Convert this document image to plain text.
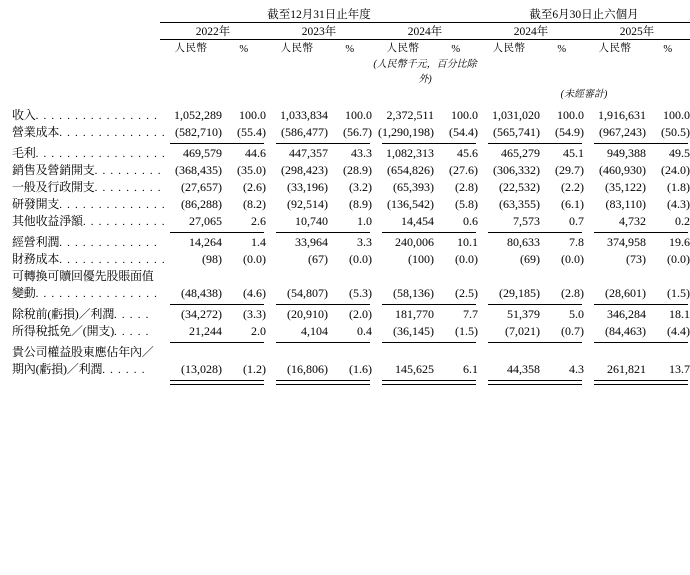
	截至12月31日止年度						截至6月30日止六個月			
	2022年		2023年		2024年		2024年		2025年	
	人民幣	%	人民幣	%	人民幣	%	人民幣	%	人民幣	%
					(人民幣千元，百分比除外)					
							(未經審計)			

收入. . . . . . . . . . . . . . . .	1,052,289	100.0	1,033,834	100.0	2,372,511	100.0	1,031,020	100.0	1,916,631	100.0
營業成本. . . . . . . . . . . . . .	(582,710)	(55.4)	(586,477)	(56.7)	(1,290,198)	(54.4)	(565,741)	(54.9)	(967,243)	(50.5)

毛利. . . . . . . . . . . . . . . . .	469,579	44.6	447,357	43.3	1,082,313	45.6	465,279	45.1	949,388	49.5
銷售及營銷開支. . . . . . . . .	(368,435)	(35.0)	(298,423)	(28.9)	(654,826)	(27.6)	(306,332)	(29.7)	(460,930)	(24.0)
一般及行政開支. . . . . . . . .	(27,657)	(2.6)	(33,196)	(3.2)	(65,393)	(2.8)	(22,532)	(2.2)	(35,122)	(1.8)
研發開支. . . . . . . . . . . . . .	(86,288)	(8.2)	(92,514)	(8.9)	(136,542)	(5.8)	(63,355)	(6.1)	(83,110)	(4.3)
其他收益淨額. . . . . . . . . . .	27,065	2.6	10,740	1.0	14,454	0.6	7,573	0.7	4,732	0.2

經營利潤. . . . . . . . . . . . .	14,264	1.4	33,964	3.3	240,006	10.1	80,633	7.8	374,958	19.6
財務成本. . . . . . . . . . . . . .	(98)	(0.0)	(67)	(0.0)	(100)	(0.0)	(69)	(0.0)	(73)	(0.0)
可轉換可贖回優先股賬面值										
變動. . . . . . . . . . . . . . . .	(48,438)	(4.6)	(54,807)	(5.3)	(58,136)	(2.5)	(29,185)	(2.8)	(28,601)	(1.5)

除稅前(虧損)／利潤. . . . .	(34,272)	(3.3)	(20,910)	(2.0)	181,770	7.7	51,379	5.0	346,284	18.1
所得稅抵免／(開支). . . . .	21,244	2.0	4,104	0.4	(36,145)	(1.5)	(7,021)	(0.7)	(84,463)	(4.4)

貴公司權益股東應佔年內／										
期內(虧損)／利潤. . . . . .	(13,028)	(1.2)	(16,806)	(1.6)	145,625	6.1	44,358	4.3	261,821	13.7
